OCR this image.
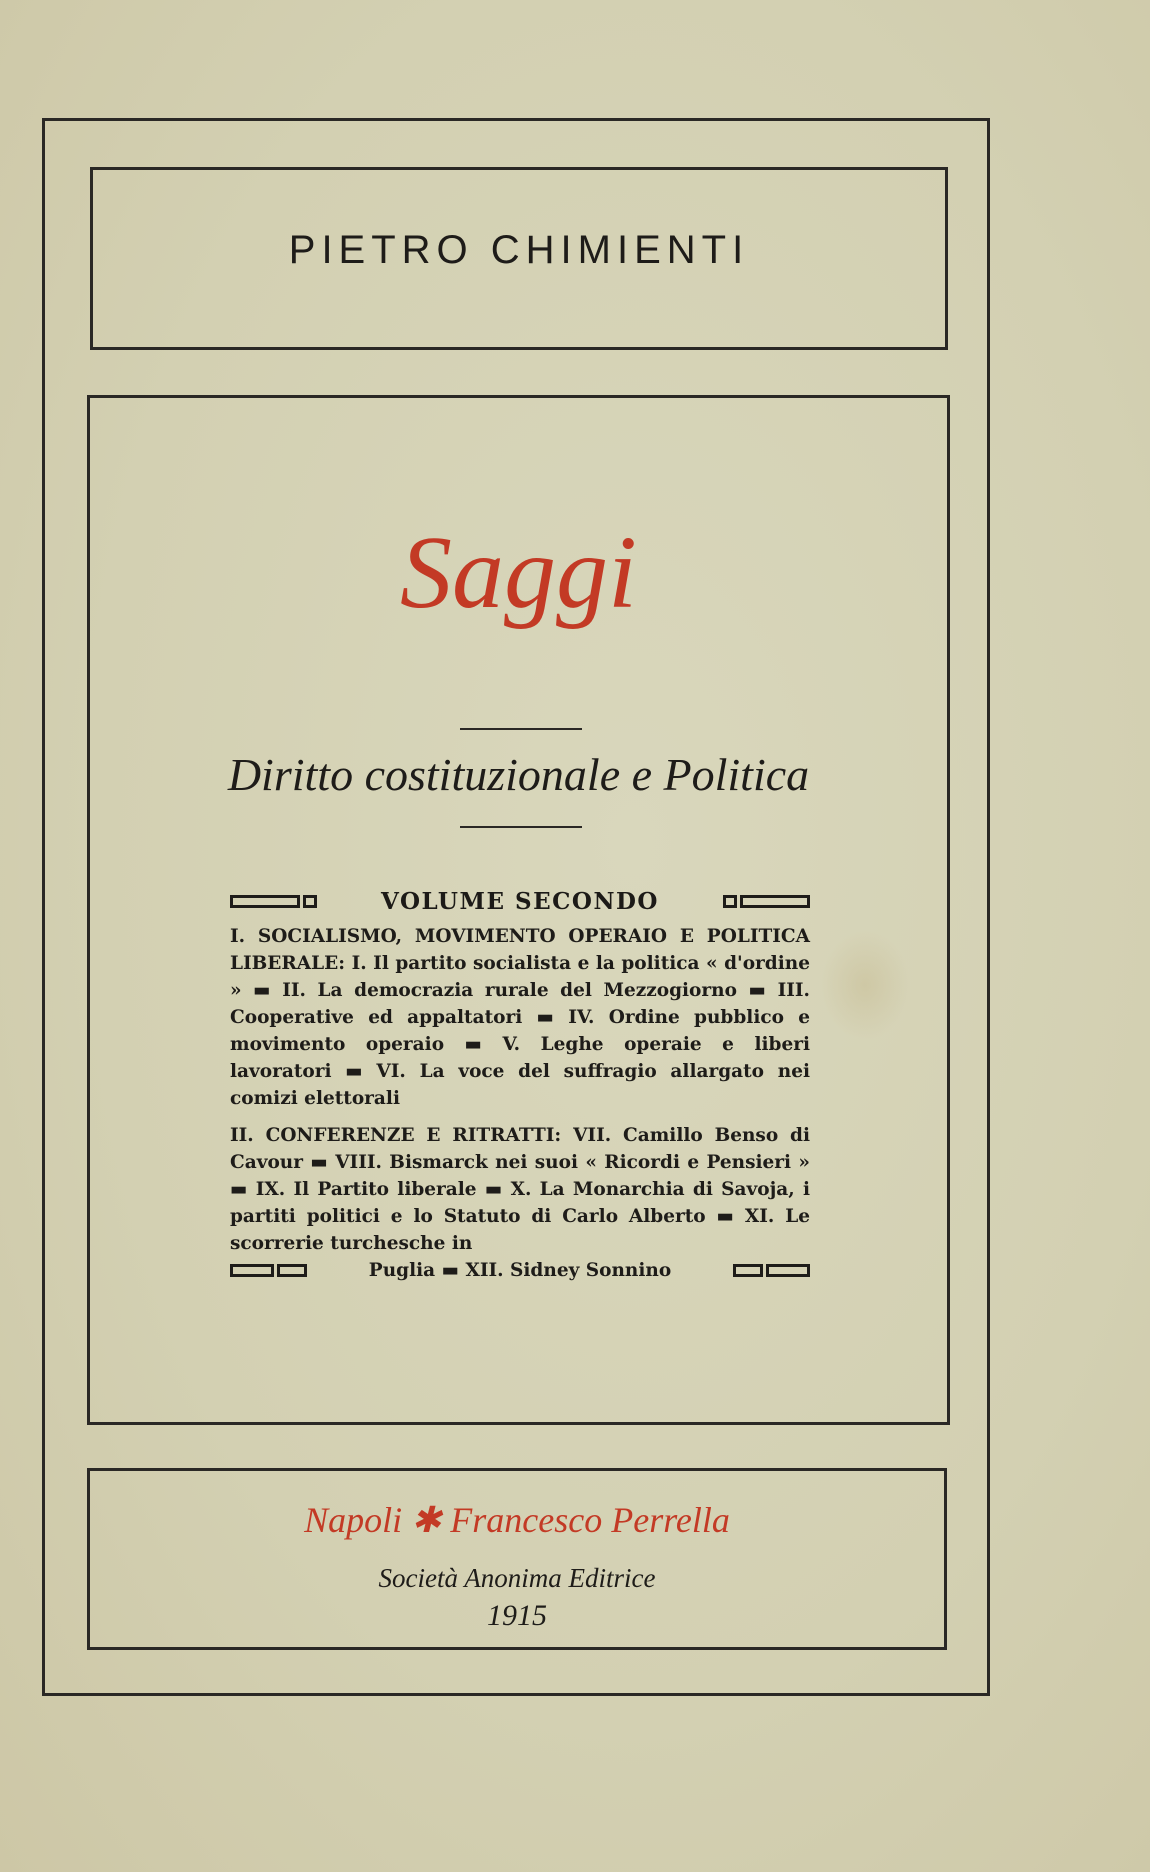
PIETRO CHIMIENTI
Saggi
Diritto costituzionale e Politica
VOLUME SECONDO

I. SOCIALISMO, MOVIMENTO OPERAIO E POLITICA LIBERALE: I. Il partito socialista e la politica « d'ordine » ▬ II. La democrazia rurale del Mezzogiorno ▬ III. Cooperative ed appaltatori ▬ IV. Ordine pubblico e movimento operaio ▬ V. Leghe operaie e liberi lavoratori ▬ VI. La voce del suffragio allargato nei comizi elettorali

II. CONFERENZE E RITRATTI: VII. Camillo Benso di Cavour ▬ VIII. Bismarck nei suoi « Ricordi e Pensieri » ▬ IX. Il Partito liberale ▬ X. La Monarchia di Savoja, i partiti politici e lo Statuto di Carlo Alberto ▬ XI. Le scorrerie turchesche in

Puglia ▬ XII. Sidney Sonnino
Napoli ✱ Francesco Perrella
Società Anonima Editrice
1915
